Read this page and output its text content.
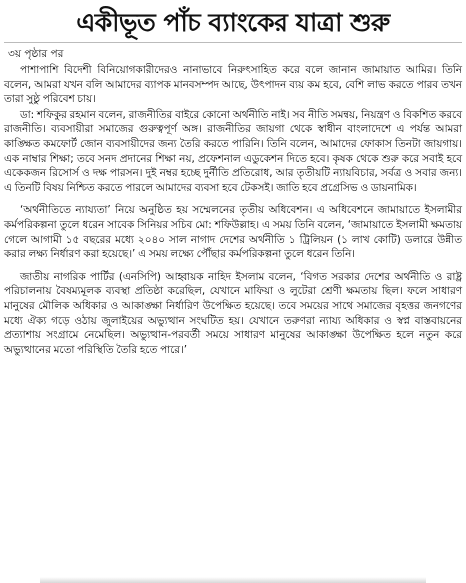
একীভূত পাঁচ ব্যাংকের যাত্রা শুরু
৩য় পৃষ্ঠার পর

পাশাপাশি বিদেশী বিনিয়োগকারীদেরও নানাভাবে নিরুৎসাহিত করে বলে জানান জামায়াত আমির। তিনি বলেন, আমরা যখন বলি আমাদের ব্যাপক মানবসম্পদ আছে, উৎপাদন ব্যয় কম হবে, বেশি লাভ করতে পারব তখন তারা সুষ্ঠু পরিবেশ চায়।

ডা: শফিকুর রহমান বলেন, রাজনীতির বাইরে কোনো অর্থনীতি নাই। সব নীতি সমন্বয়, নিয়ন্ত্রণ ও বিকশিত করবে রাজনীতি। ব্যবসায়ীরা সমাজের গুরুত্বপূর্ণ অঙ্গ। রাজনীতির জায়গা থেকে স্বাধীন বাংলাদেশে এ পর্যন্ত আমরা কাঙ্ক্ষিত কমফোর্ট জোন ব্যবসায়ীদের জন্য তৈরি করতে পারিনি। তিনি বলেন, আমাদের ফোকাস তিনটা জায়গায়। এক নাম্বার শিক্ষা; তবে সনদ প্রদানের শিক্ষা নয়, প্রফেশনাল এডুকেশন দিতে হবে। কৃষক থেকে শুরু করে সবাই হবে একেকজন রিসোর্স ও দক্ষ পারসন। দুই নম্বর হচ্ছে দুর্নীতি প্রতিরোধ, আর তৃতীয়টি ন্যায়বিচার, সর্বত্র ও সবার জন্য। এ তিনটি বিষয় নিশ্চিত করতে পারলে আমাদের ব্যবসা হবে টেকসই। জাতি হবে প্রগ্রেসিভ ও ডায়নামিক।

‘অর্থনীতিতে ন্যায্যতা’ নিয়ে অনুষ্ঠিত হয় সম্মেলনের তৃতীয় অধিবেশন। এ অধিবেশনে জামায়াতে ইসলামীর কর্মপরিকল্পনা তুলে ধরেন সাবেক সিনিয়র সচিব মো: শফিউল্লাহ। এ সময় তিনি বলেন, ‘জামায়াতে ইসলামী ক্ষমতায় গেলে আগামী ১৫ বছরের মধ্যে ২০৪০ সাল নাগাদ দেশের অর্থনীতি ১ ট্রিলিয়ন (১ লাখ কোটি) ডলারে উন্নীত করার লক্ষ্য নির্ধারণ করা হয়েছে।’ এ সময় লক্ষ্যে পৌঁছার কর্মপরিকল্পনা তুলে ধরেন তিনি।

জাতীয় নাগরিক পার্টির (এনসিপি) আহ্বায়ক নাহিদ ইসলাম বলেন, ‘বিগত সরকার দেশের অর্থনীতি ও রাষ্ট্র পরিচালনায় বৈষম্যমূলক ব্যবস্থা প্রতিষ্ঠা করেছিল, যেখানে মাফিয়া ও লুটেরা শ্রেণী ক্ষমতায় ছিল। ফলে সাধারণ মানুষের মৌলিক অধিকার ও আকাঙ্ক্ষা নির্ধারিণ উপেক্ষিত হয়েছে। তবে সময়ের সাথে সমাজের বৃহত্তর জনগণের মধ্যে ঐক্য গড়ে ওঠায় জুলাইয়ের অভ্যুত্থান সংঘটিত হয়। যেখানে তরুণরা ন্যায্য অধিকার ও স্বপ্ন বাস্তবায়নের প্রত্যাশায় সংগ্রামে নেমেছিল। অভ্যুত্থান-পরবর্তী সময়ে সাধারণ মানুষের আকাঙ্ক্ষা উপেক্ষিত হলে নতুন করে অভ্যুত্থানের মতো পরিস্থিতি তৈরি হতে পারে।’
